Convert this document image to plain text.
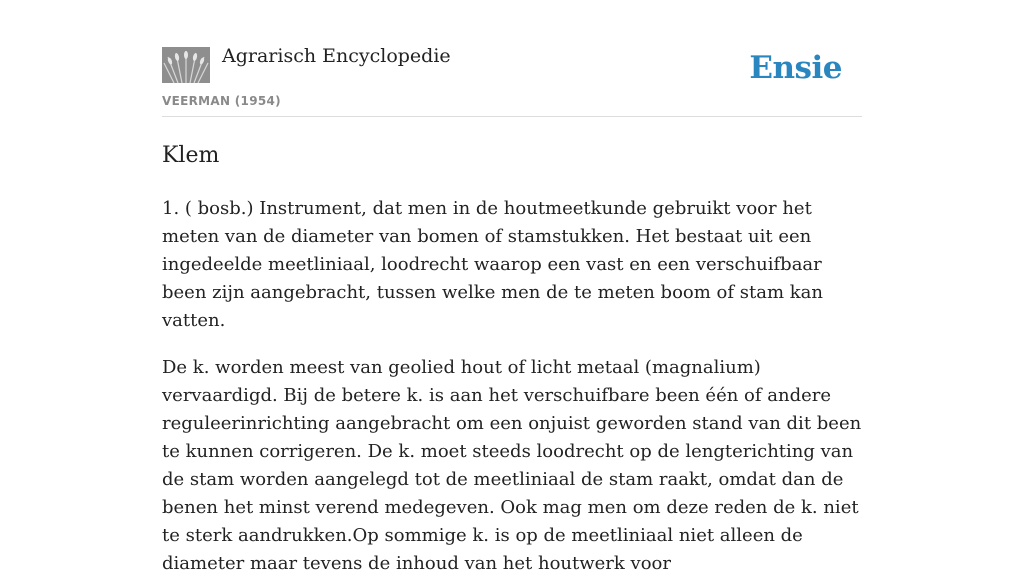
Agrarisch Encyclopedie
VEERMAN (1954)
Ensie
Klem

1. ( bosb.) Instrument, dat men in de houtmeetkunde gebruikt voor het meten van de diameter van bomen of stamstukken. Het bestaat uit een ingedeelde meetliniaal, loodrecht waarop een vast en een verschuifbaar been zijn aangebracht, tussen welke men de te meten boom of stam kan vatten.

De k. worden meest van geolied hout of licht metaal (magnalium) vervaardigd. Bij de betere k. is aan het verschuifbare been één of andere reguleerinrichting aangebracht om een onjuist geworden stand van dit been te kunnen corrigeren. De k. moet steeds loodrecht op de lengterichting van de stam worden aangelegd tot de meetliniaal de stam raakt, omdat dan de benen het minst verend medegeven. Ook mag men om deze reden de k. niet te sterk aandrukken.Op sommige k. is op de meetliniaal niet alleen de diameter maar tevens de inhoud van het houtwerk voor
